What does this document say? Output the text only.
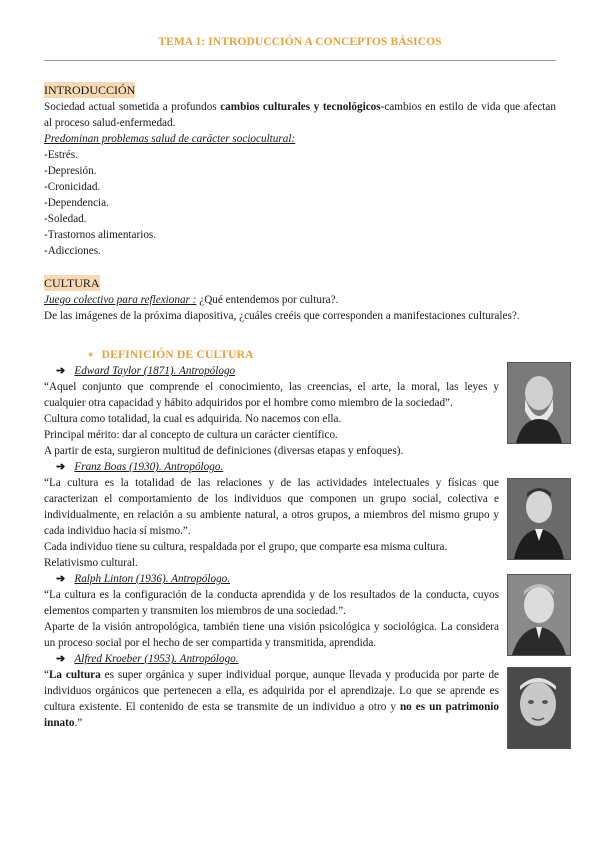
TEMA 1: INTRODUCCIÓN A CONCEPTOS BÁSICOS
INTRODUCCIÓN

Sociedad actual sometida a profundos cambios culturales y tecnológicos-cambios en estilo de vida que afectan al proceso salud-enfermedad.

Predominan problemas salud de carácter sociocultural:

-Estrés.

-Depresión.

-Cronicidad.

-Dependencia.

-Soledad.

-Trastornos alimentarios.

-Adicciones.

CULTURA

Juego colectivo para reflexionar : ¿Qué entendemos por cultura?.

De las imágenes de la próxima diapositiva, ¿cuáles creéis que corresponden a manifestaciones culturales?.

● DEFINICIÓN DE CULTURA

➔ Edward Taylor (1871). Antropólogo

“Aquel conjunto que comprende el conocimiento, las creencias, el arte, la moral, las leyes y cualquier otra capacidad y hábito adquiridos por el hombre como miembro de la sociedad”.

Cultura como totalidad, la cual es adquirida. No nacemos con ella.

Principal mérito: dar al concepto de cultura un carácter científico.

A partir de esta, surgieron multitud de definiciones (diversas etapas y enfoques).

➔ Franz Boas (1930). Antropólogo.

“La cultura es la totalidad de las relaciones y de las actividades intelectuales y físicas que caracterizan el comportamiento de los individuos que componen un grupo social, colectiva e individualmente, en relación a su ambiente natural, a otros grupos, a miembros del mismo grupo y cada individuo hacia sí mismo.”.

Cada individuo tiene su cultura, respaldada por el grupo, que comparte esa misma cultura.

Relativismo cultural.

➔ Ralph Linton (1936). Antropólogo.

“La cultura es la configuración de la conducta aprendida y de los resultados de la conducta, cuyos elementos comparten y transmiten los miembros de una sociedad.”.

Aparte de la visión antropológica, también tiene una visión psicológica y sociológica. La considera un proceso social por el hecho de ser compartida y transmitida, aprendida.

➔ Alfred Kroeber (1953). Antropólogo.

“La cultura es super orgánica y super individual porque, aunque llevada y producida por parte de individuos orgánicos que pertenecen a ella, es adquirida por el aprendizaje. Lo que se aprende es cultura existente. El contenido de esta se transmite de un individuo a otro y no es un patrimonio innato.”
